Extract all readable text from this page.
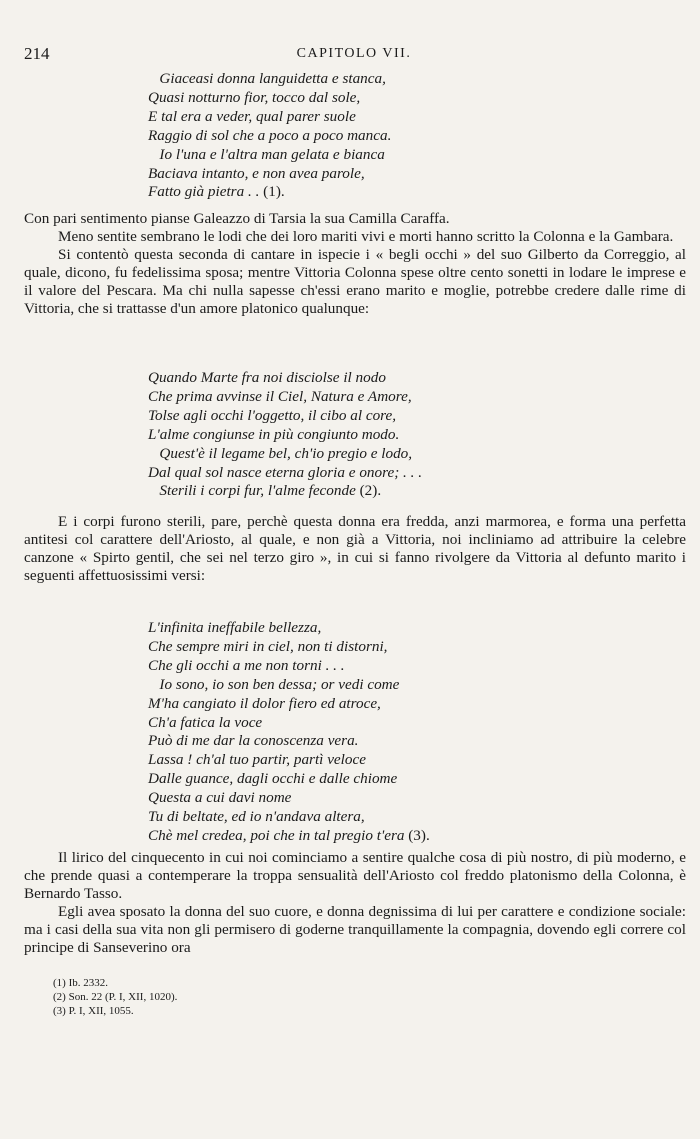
214	CAPITOLO VII.
Giaceasi donna languidetta e stanca,
Quasi notturno fior, tocco dal sole,
E tal era a veder, qual parer suole
Raggio di sol che a poco a poco manca.
Io l'una e l'altra man gelata e bianca
Baciava intanto, e non avea parole,
Fatto già pietra . . (1).

Con pari sentimento pianse Galeazzo di Tarsia la sua Camilla Caraffa.

Meno sentite sembrano le lodi che dei loro mariti vivi e morti hanno scritto la Colonna e la Gambara.

Si contentò questa seconda di cantare in ispecie i « begli occhi » del suo Gilberto da Correggio, al quale, dicono, fu fedelissima sposa; mentre Vittoria Colonna spese oltre cento sonetti in lodare le imprese e il valore del Pescara. Ma chi nulla sapesse ch'essi erano marito e moglie, potrebbe credere dalle rime di Vittoria, che si trattasse d'un amore platonico qualunque:

Quando Marte fra noi disciolse il nodo
Che prima avvinse il Ciel, Natura e Amore,
Tolse agli occhi l'oggetto, il cibo al core,
L'alme congiunse in più congiunto modo.
Quest'è il legame bel, ch'io pregio e lodo,
Dal qual sol nasce eterna gloria e onore; . . .
Sterili i corpi fur, l'alme feconde (2).

E i corpi furono sterili, pare, perchè questa donna era fredda, anzi marmorea, e forma una perfetta antitesi col carattere dell'Ariosto, al quale, e non già a Vittoria, noi incliniamo ad attribuire la celebre canzone « Spirto gentil, che sei nel terzo giro », in cui si fanno rivolgere da Vittoria al defunto marito i seguenti affettuosissimi versi:

L'infinita ineffabile bellezza,
Che sempre miri in ciel, non ti distorni,
Che gli occhi a me non torni . . .
Io sono, io son ben dessa; or vedi come
M'ha cangiato il dolor fiero ed atroce,
Ch'a fatica la voce
Può di me dar la conoscenza vera.
Lassa ! ch'al tuo partir, partì veloce
Dalle guance, dagli occhi e dalle chiome
Questa a cui davi nome
Tu di beltate, ed io n'andava altera,
Chè mel credea, poi che in tal pregio t'era (3).

Il lirico del cinquecento in cui noi cominciamo a sentire qualche cosa di più nostro, di più moderno, e che prende quasi a contemperare la troppa sensualità dell'Ariosto col freddo platonismo della Colonna, è Bernardo Tasso.

Egli avea sposato la donna del suo cuore, e donna degnissima di lui per carattere e condizione sociale: ma i casi della sua vita non gli permisero di goderne tranquillamente la compagnia, dovendo egli correre col principe di Sanseverino ora

(1) Ib. 2332.
(2) Son. 22 (P. I, XII, 1020).
(3) P. I, XII, 1055.
